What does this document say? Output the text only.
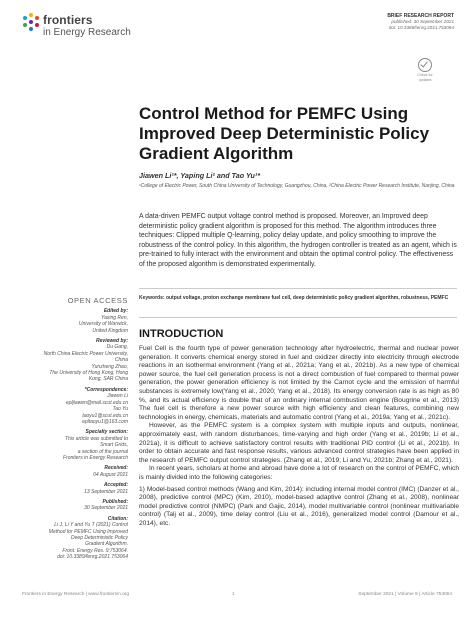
frontiers
in Energy Research
BRIEF RESEARCH REPORT
published: 30 September 2021
doi: 10.3389/fenrg.2021.753064
Check for
updates
Control Method for PEMFC Using Improved Deep Deterministic Policy Gradient Algorithm
Jiawen Li¹*, Yaping Li² and Tao Yu¹*
¹College of Electric Power, South China University of Technology, Guangzhou, China, ²China Electric Power Research Institute, Nanjing, China
A data-driven PEMFC output voltage control method is proposed. Moreover, an Improved deep deterministic policy gradient algorithm is proposed for this method. The algorithm introduces three techniques: Clipped multiple Q-learning, policy delay update, and policy smoothing to improve the robustness of the control policy. In this algorithm, the hydrogen controller is treated as an agent, which is pre-trained to fully interact with the environment and obtain the optimal control policy. The effectiveness of the proposed algorithm is demonstrated experimentally.
Keywords: output voltage, proton exchange membrane fuel cell, deep deterministic policy gradient algorithm, robustness, PEMFC
INTRODUCTION

Fuel Cell is the fourth type of power generation technology after hydroelectric, thermal and nuclear power generation. It converts chemical energy stored in fuel and oxidizer directly into electricity through electrode reactions in an isothermal environment (Yang et al., 2021a; Yang et al., 2021b). As a new type of chemical power source, the fuel cell generation process is not a direct combustion of fuel compared to thermal power generation, the power generation efficiency is not limited by the Carnot cycle and the emission of harmful substances is extremely low(Yang et al., 2020; Yang et al., 2018). Its energy conversion rate is as high as 80 %, and its actual efficiency is double that of an ordinary internal combustion engine (Bougrine et al., 2013) The fuel cell is therefore a new power source with high efficiency and clean features, combining new technologies in energy, chemicals, materials and automatic control (Yang et al., 2019a; Yang et al., 2021c).

However, as the PEMFC system is a complex system with multiple inputs and outputs, nonlinear, approximately east, with random disturbances, time-varying and high order (Yang et al., 2019b; Li et al., 2021a), it is difficult to achieve satisfactory control results with traditional PID control (Li et al., 2021b). In order to obtain accurate and fast response results, various advanced control strategies have been applied in the research of PEMFC output control strategies. (Zhang et al., 2019; Li and Yu, 2021b; Zhang et al., 2021).

In recent years, scholars at home and abroad have done a lot of research on the control of PEMFC, which is mainly divided into the following categories:

1) Model-based control methods (Wang and Kim, 2014): including internal model control (IMC) (Danzer et al., 2008), predictive control (MPC) (Kim, 2010), model-based adaptive control (Zhang et al., 2008), nonlinear model predictive control (NMPC) (Park and Gajic, 2014), model multivariable control (nonlinear multivariable control) (Talj et al., 2009), time delay control (Liu et al., 2016), generalized model control (Damour et al., 2014), etc.

OPEN ACCESS
Edited by:
Yaxing Ren,
University of Warwick,
United Kingdom
Reviewed by:
Du Gang,
North China Electric Power University,
China
Yunzheng Zhao,
The University of Hong Kong, Hong
Kong, SAR China
*Correspondence:
Jiawen Li
epljiawen@mail.scut.edu.cn
Tao Yu
taoyu1@scut.edu.cn
epltaoyu1@163.com
Specialty section:
This article was submitted to
Smart Grids,
a section of the journal
Frontiers in Energy Research
Received:
04 August 2021
Accepted:
13 September 2021
Published:
30 September 2021
Citation:
Li J, Li Y and Yu T (2021) Control
Method for PEMFC Using Improved
Deep Deterministic Policy
Gradient Algorithm.
Front. Energy Res. 9:753064.
doi: 10.3389/fenrg.2021.753064
Frontiers in Energy Research | www.frontiersin.org	1	September 2021 | Volume 9 | Article 753064
